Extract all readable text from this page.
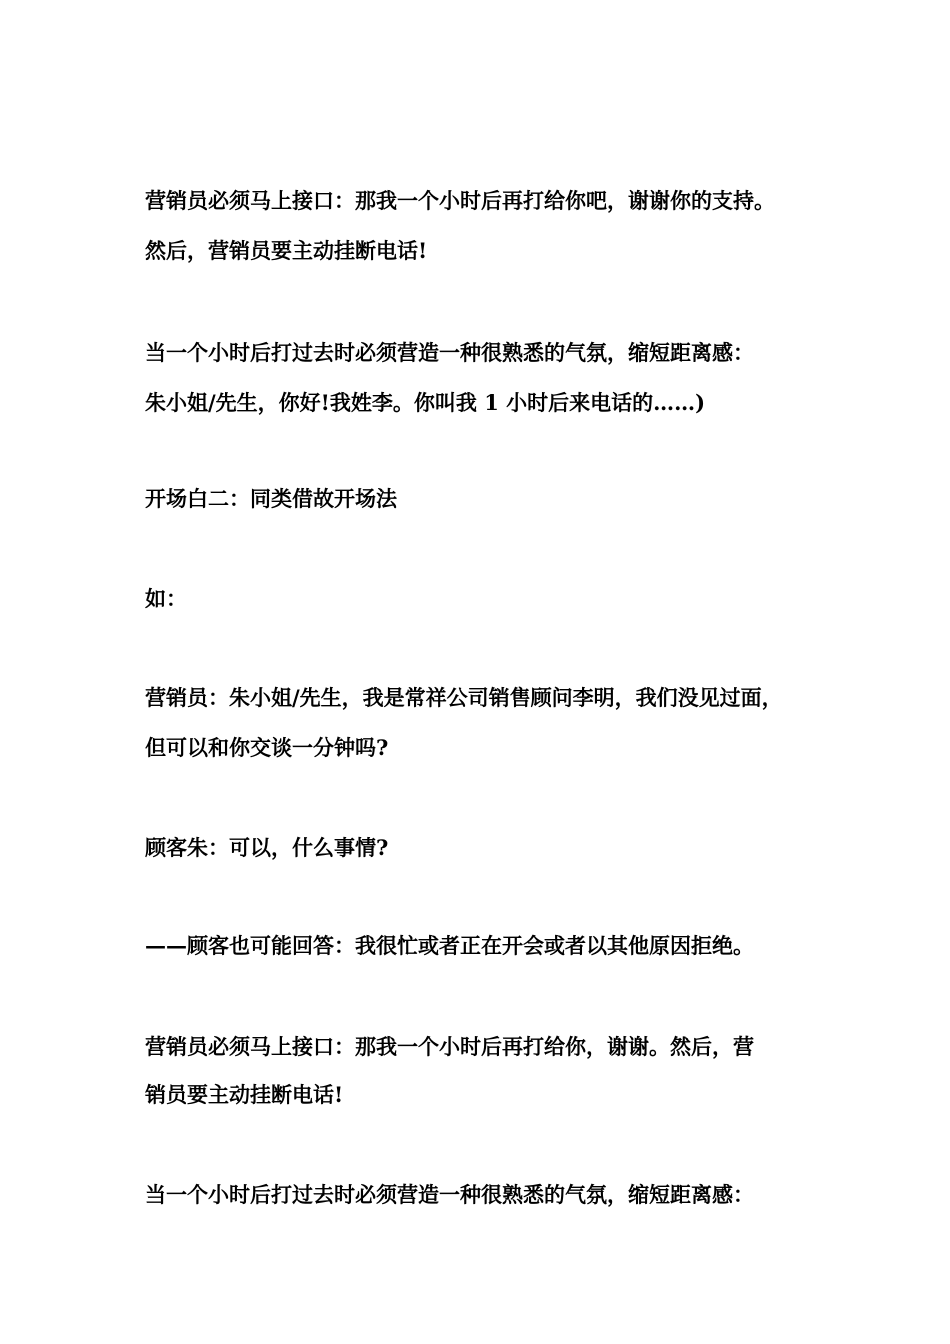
营销员必须马上接口：那我一个小时后再打给你吧，谢谢你的支持。

然后，营销员要主动挂断电话!

当一个小时后打过去时必须营造一种很熟悉的气氛，缩短距离感：

朱小姐/先生，你好!我姓李。你叫我 1 小时后来电话的……)

开场白二：同类借故开场法

如：

营销员：朱小姐/先生，我是常祥公司销售顾问李明，我们没见过面，

但可以和你交谈一分钟吗?

顾客朱：可以，什么事情?

——顾客也可能回答：我很忙或者正在开会或者以其他原因拒绝。

营销员必须马上接口：那我一个小时后再打给你，谢谢。然后，营

销员要主动挂断电话!

当一个小时后打过去时必须营造一种很熟悉的气氛，缩短距离感：
